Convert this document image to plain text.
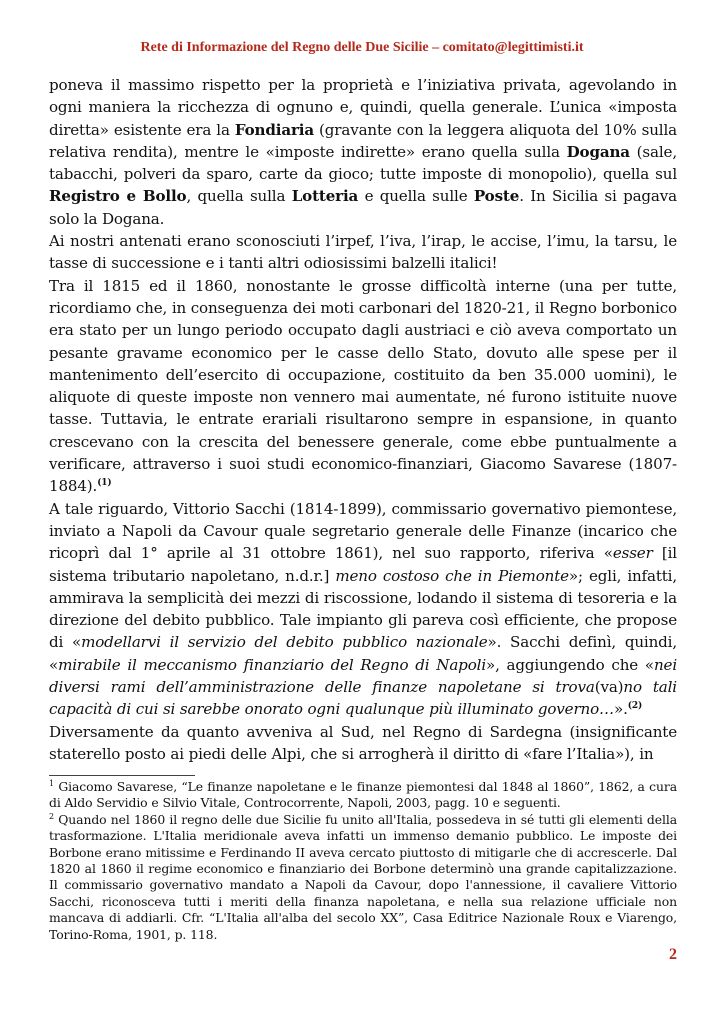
Rete di Informazione del Regno delle Due Sicilie – comitato@legittimisti.it

poneva il massimo rispetto per la proprietà e l’iniziativa privata, agevolando in ogni maniera la ricchezza di ognuno e, quindi, quella generale. L’unica «imposta diretta» esistente era la Fondiaria (gravante con la leggera aliquota del 10% sulla relativa rendita), mentre le «imposte indirette» erano quella sulla Dogana (sale, tabacchi, polveri da sparo, carte da gioco; tutte imposte di monopolio), quella sul Registro e Bollo, quella sulla Lotteria e quella sulle Poste. In Sicilia si pagava solo la Dogana.

Ai nostri antenati erano sconosciuti l’irpef, l’iva, l’irap, le accise, l’imu, la tarsu, le tasse di successione e i tanti altri odiosissimi balzelli italici!

Tra il 1815 ed il 1860, nonostante le grosse difficoltà interne (una per tutte, ricordiamo che, in conseguenza dei moti carbonari del 1820-21, il Regno borbonico era stato per un lungo periodo occupato dagli austriaci e ciò aveva comportato un pesante gravame economico per le casse dello Stato, dovuto alle spese per il mantenimento dell’esercito di occupazione, costituito da ben 35.000 uomini), le aliquote di queste imposte non vennero mai aumentate, né furono istituite nuove tasse. Tuttavia, le entrate erariali risultarono sempre in espansione, in quanto crescevano con la crescita del benessere generale, come ebbe puntualmente a verificare, attraverso i suoi studi economico-finanziari, Giacomo Savarese (1807-1884).$^{(1)}$

A tale riguardo, Vittorio Sacchi (1814-1899), commissario governativo piemontese, inviato a Napoli da Cavour quale segretario generale delle Finanze (incarico che ricoprì dal 1° aprile al 31 ottobre 1861), nel suo rapporto, riferiva «esser [il sistema tributario napoletano, n.d.r.] meno costoso che in Piemonte»; egli, infatti, ammirava la semplicità dei mezzi di riscossione, lodando il sistema di tesoreria e la direzione del debito pubblico. Tale impianto gli pareva così efficiente, che propose di «modellarvi il servizio del debito pubblico nazionale». Sacchi definì, quindi, «mirabile il meccanismo finanziario del Regno di Napoli», aggiungendo che «nei diversi rami dell’amministrazione delle finanze napoletane si trova(va)no tali capacità di cui si sarebbe onorato ogni qualunque più illuminato governo…».$^{(2)}$

Diversamente da quanto avveniva al Sud, nel Regno di Sardegna (insignificante staterello posto ai piedi delle Alpi, che si arrogherà il diritto di «fare l’Italia»), in

$^1$ Giacomo Savarese, “Le finanze napoletane e le finanze piemontesi dal 1848 al 1860”, 1862, a cura di Aldo Servidio e Silvio Vitale, Controcorrente, Napoli, 2003, pagg. 10 e seguenti.

$^2$ Quando nel 1860 il regno delle due Sicilie fu unito all'Italia, possedeva in sé tutti gli elementi della trasformazione. L'Italia meridionale aveva infatti un immenso demanio pubblico. Le imposte dei Borbone erano mitissime e Ferdinando II aveva cercato piuttosto di mitigarle che di accrescerle. Dal 1820 al 1860 il regime economico e finanziario dei Borbone determinò una grande capitalizzazione. Il commissario governativo mandato a Napoli da Cavour, dopo l'annessione, il cavaliere Vittorio Sacchi, riconosceva tutti i meriti della finanza napoletana, e nella sua relazione ufficiale non mancava di addiarli. Cfr. “L'Italia all'alba del secolo XX”, Casa Editrice Nazionale Roux e Viarengo, Torino-Roma, 1901, p. 118.

2
